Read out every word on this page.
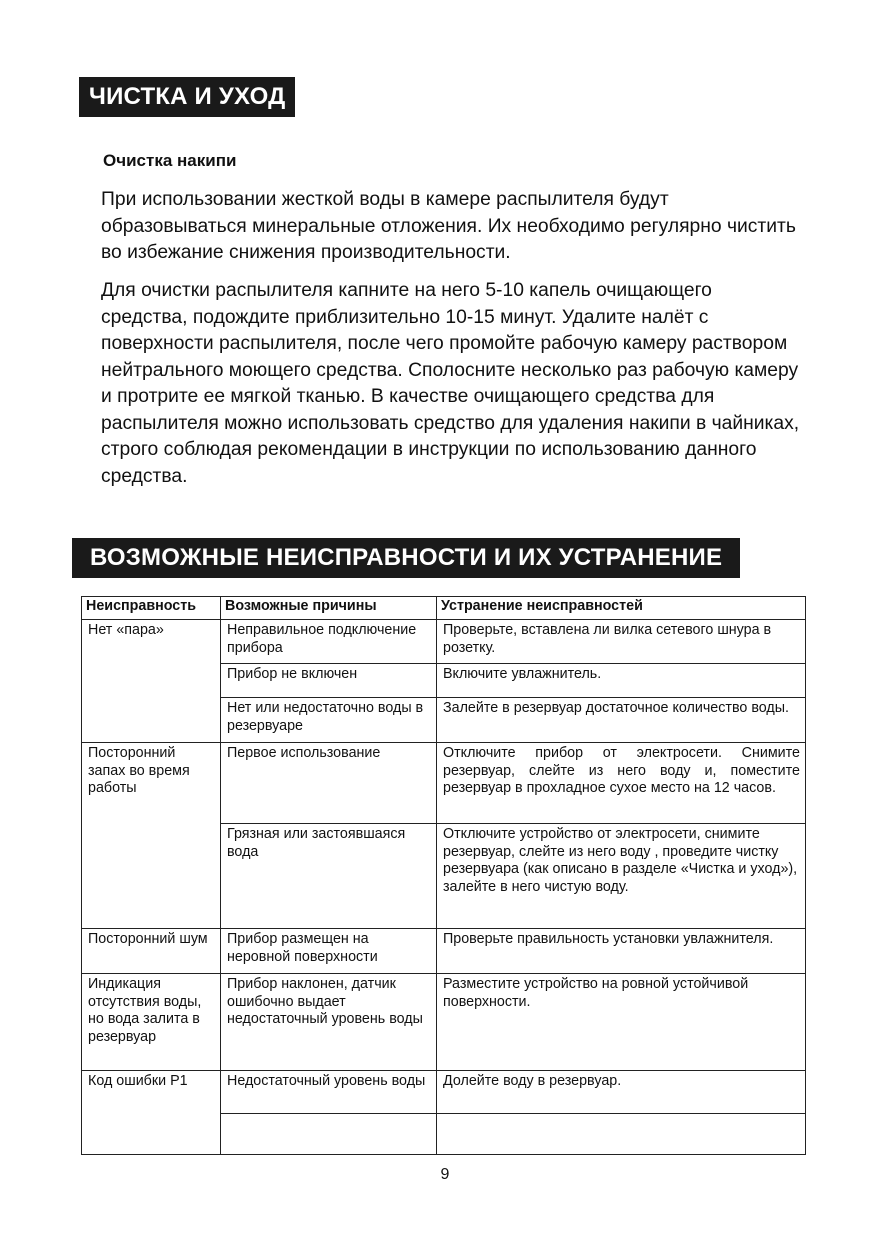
ЧИСТКА И УХОД
Очистка накипи

При использовании жесткой воды в камере распылителя будут образовываться минеральные отложения. Их необходимо регулярно чистить во избежание снижения производительности.

Для очистки распылителя капните на него 5-10 капель очищающего средства, подождите приблизительно 10-15 минут. Удалите налёт с поверхности распылителя, после чего промойте рабочую камеру раствором нейтрального моющего средства. Сполосните несколько раз рабочую камеру и протрите ее мягкой тканью. В качестве очищающего средства для распылителя можно использовать средство для удаления накипи в чайниках, строго соблюдая рекомендации в инструкции по использованию данного средства.

ВОЗМОЖНЫЕ НЕИСПРАВНОСТИ И ИХ УСТРАНЕНИЕ
Неисправность	Возможные причины	Устранение неисправностей
Нет «пара»	Неправильное подключение прибора	Проверьте, вставлена ли вилка сетевого шнура в розетку.
	Прибор не включен	Включите увлажнитель.
	Нет или недостаточно воды в резервуаре	Залейте в резервуар достаточное количество воды.
Посторонний запах во время работы	Первое использование	Отключите прибор от электросети. Снимите резервуар, слейте из него воду и, поместите резервуар в прохладное сухое место на 12 часов.
	Грязная или застоявшаяся вода	Отключите устройство от электросети, снимите резервуар, слейте из него воду , проведите чистку резервуара (как описано в разделе «Чистка и уход»), залейте в него чистую воду.
Посторонний шум	Прибор размещен на неровной поверхности	Проверьте правильность установки увлажнителя.
Индикация отсутствия воды, но вода залита в резервуар	Прибор наклонен, датчик ошибочно выдает недостаточный уровень воды	Разместите устройство на ровной устойчивой поверхности.
Код ошибки Р1	Недостаточный уровень воды	Долейте воду в резервуар.

9
